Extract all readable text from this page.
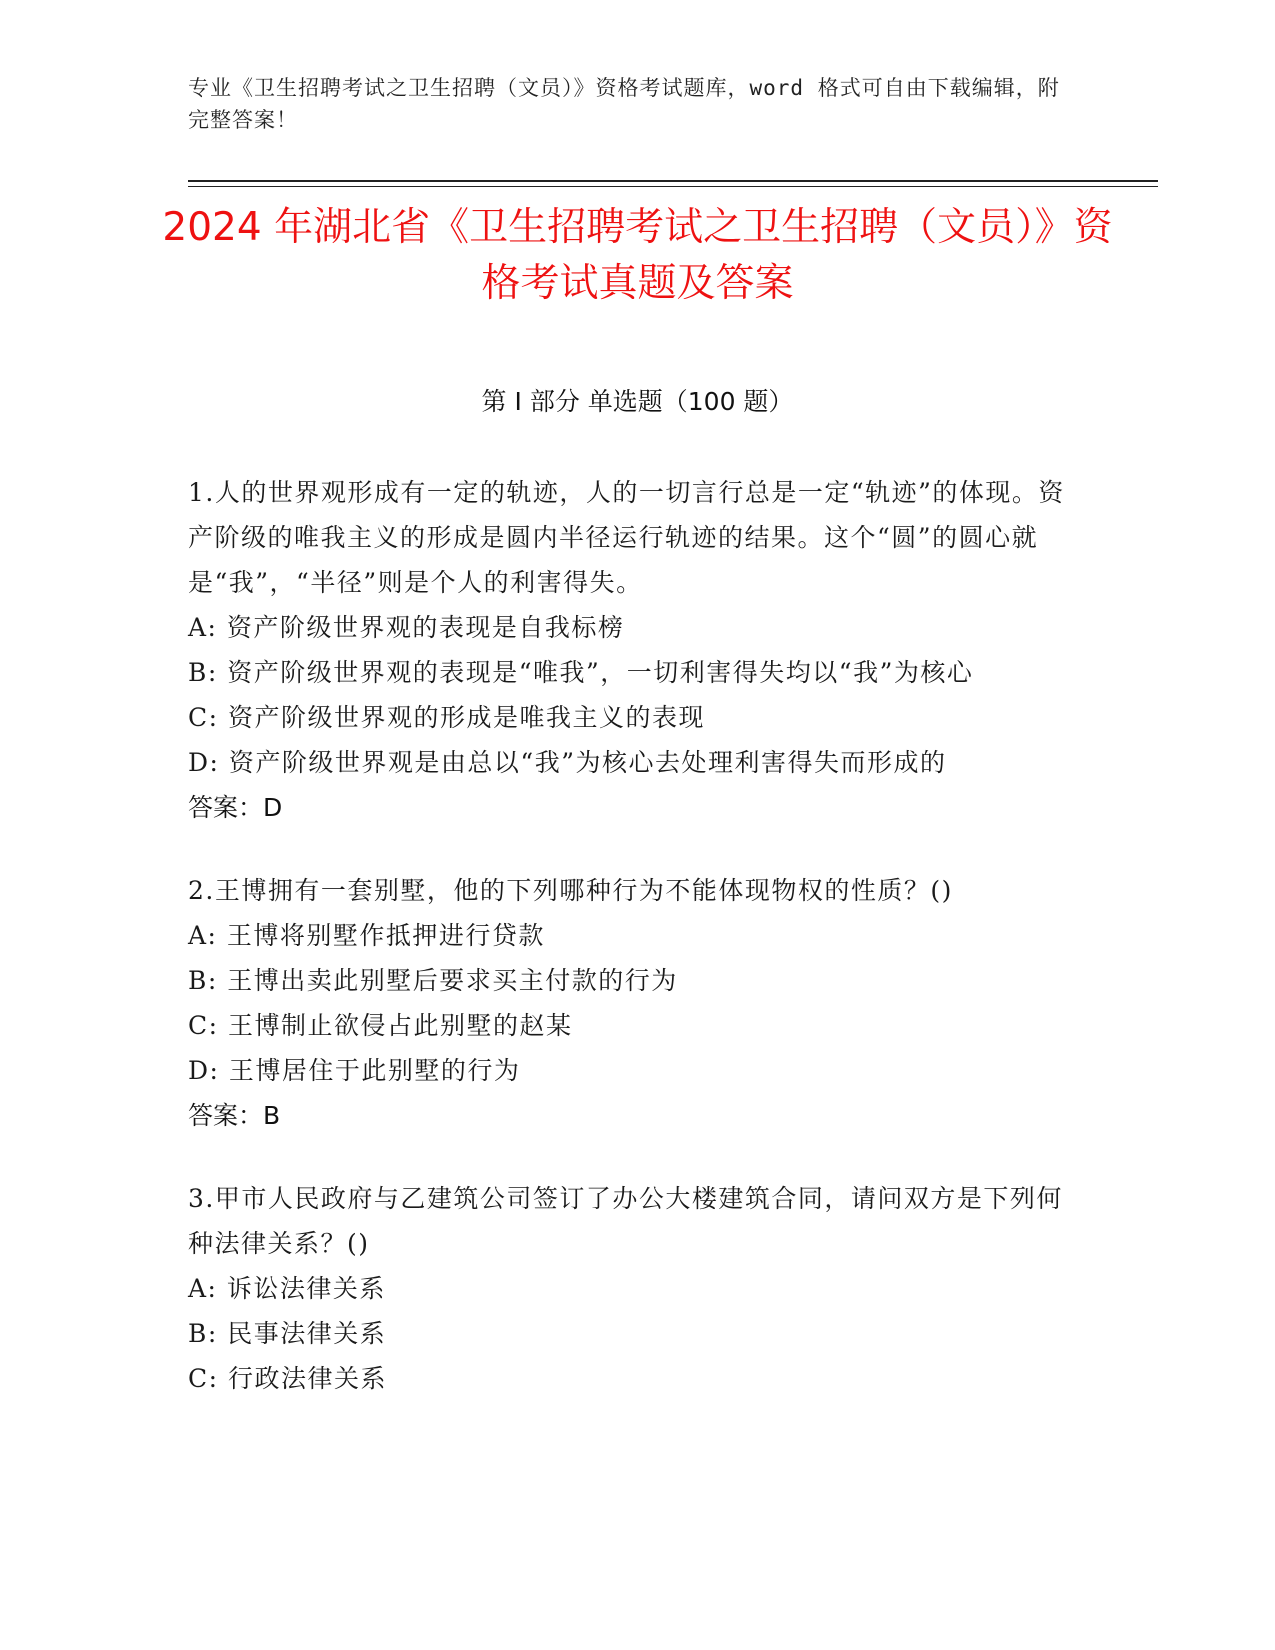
专业《卫生招聘考试之卫生招聘（文员）》资格考试题库，word 格式可自由下载编辑，附完整答案！
2024 年湖北省《卫生招聘考试之卫生招聘（文员）》资格考试真题及答案
第 I 部分 单选题（100 题）
1.人的世界观形成有一定的轨迹，人的一切言行总是一定“轨迹”的体现。资产阶级的唯我主义的形成是圆内半径运行轨迹的结果。这个“圆”的圆心就是“我”，“半径”则是个人的利害得失。
A: 资产阶级世界观的表现是自我标榜
B: 资产阶级世界观的表现是“唯我”，一切利害得失均以“我”为核心
C: 资产阶级世界观的形成是唯我主义的表现
D: 资产阶级世界观是由总以“我”为核心去处理利害得失而形成的
答案：D
2.王博拥有一套别墅，他的下列哪种行为不能体现物权的性质？()
A: 王博将别墅作抵押进行贷款
B: 王博出卖此别墅后要求买主付款的行为
C: 王博制止欲侵占此别墅的赵某
D: 王博居住于此别墅的行为
答案：B
3.甲市人民政府与乙建筑公司签订了办公大楼建筑合同，请问双方是下列何种法律关系？()
A: 诉讼法律关系
B: 民事法律关系
C: 行政法律关系
